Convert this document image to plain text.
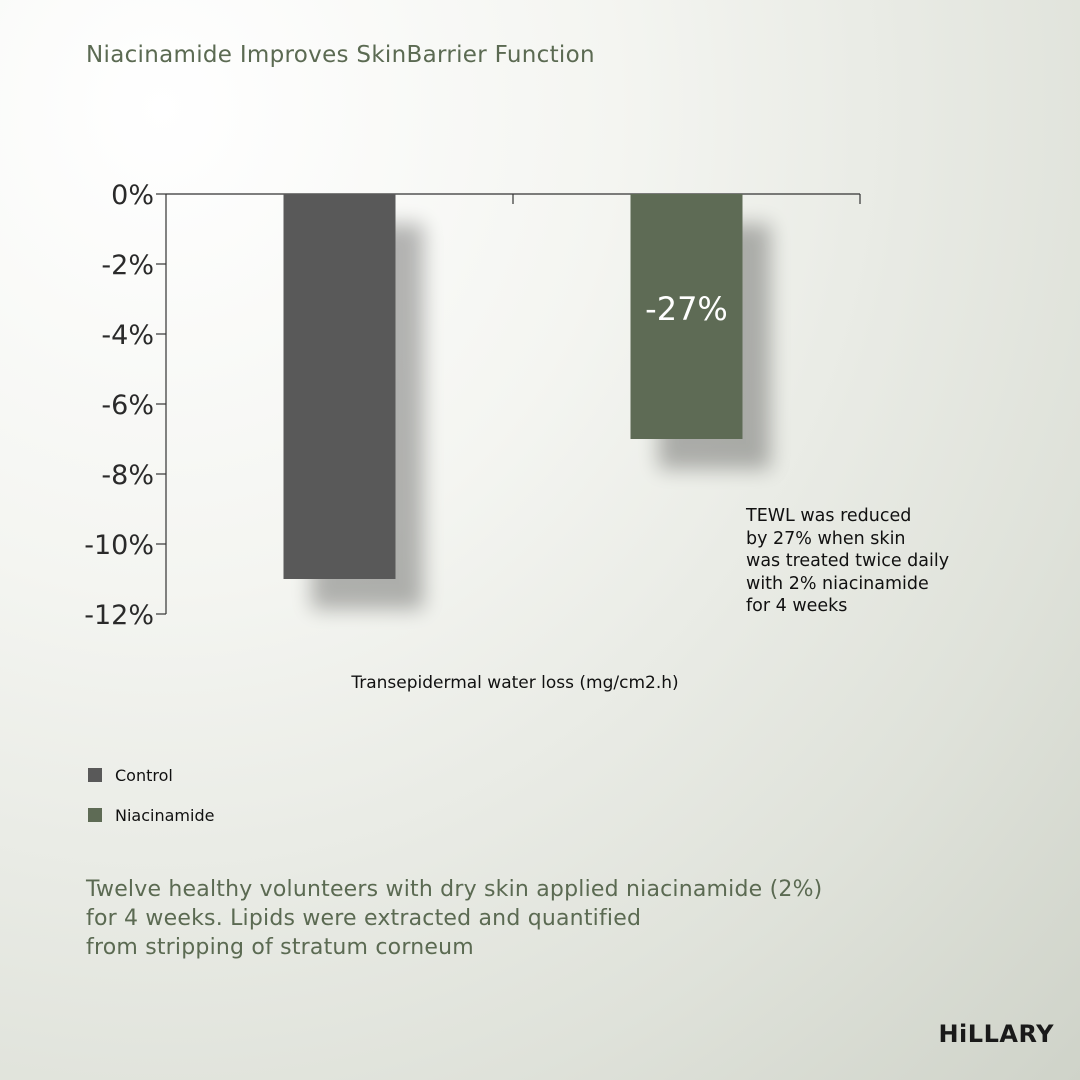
Niacinamide Improves SkinBarrier Function
-27%
0%
-2%
-4%
-6%
-8%
-10%
-12%
Transepidermal water loss (mg/cm2.h)
TEWL was reduced
by 27% when skin
was treated twice daily
with 2% niacinamide
for 4 weeks
Control
Niacinamide
Twelve healthy volunteers with dry skin applied niacinamide (2%)
for 4 weeks. Lipids were extracted and quantified
from stripping of stratum corneum
HiLLARY
